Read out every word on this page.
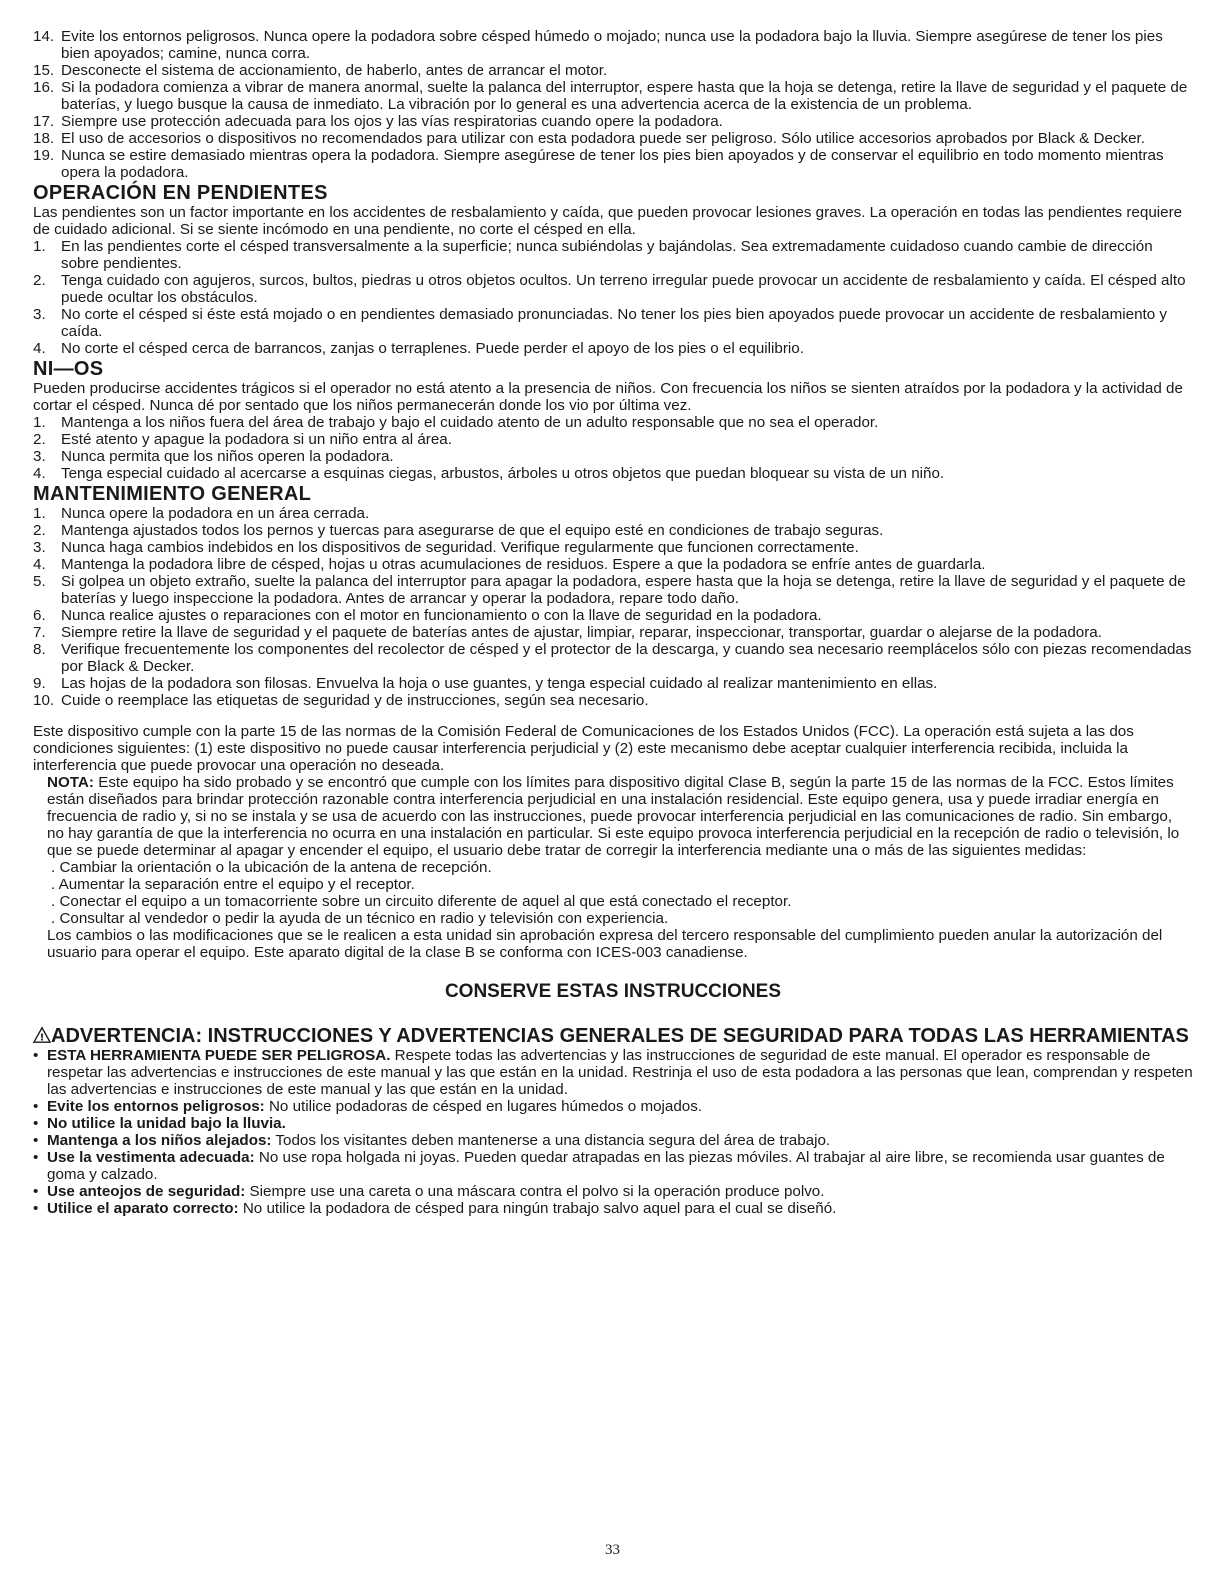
14. Evite los entornos peligrosos. Nunca opere la podadora sobre césped húmedo o mojado; nunca use la podadora bajo la lluvia. Siempre asegúrese de tener los pies bien apoyados; camine, nunca corra.
15. Desconecte el sistema de accionamiento, de haberlo, antes de arrancar el motor.
16. Si la podadora comienza a vibrar de manera anormal, suelte la palanca del interruptor, espere hasta que la hoja se detenga, retire la llave de seguridad y el paquete de baterías, y luego busque la causa de inmediato. La vibración por lo general es una advertencia acerca de la existencia de un problema.
17. Siempre use protección adecuada para los ojos y las vías respiratorias cuando opere la podadora.
18. El uso de accesorios o dispositivos no recomendados para utilizar con esta podadora puede ser peligroso. Sólo utilice accesorios aprobados por Black & Decker.
19. Nunca se estire demasiado mientras opera la podadora. Siempre asegúrese de tener los pies bien apoyados y de conservar el equilibrio en todo momento mientras opera la podadora.
OPERACIÓN EN PENDIENTES

Las pendientes son un factor importante en los accidentes de resbalamiento y caída, que pueden provocar lesiones graves. La operación en todas las pendientes requiere de cuidado adicional. Si se siente incómodo en una pendiente, no corte el césped en ella.

1.	En las pendientes corte el césped transversalmente a la superficie; nunca subiéndolas y bajándolas. Sea extremadamente cuidadoso cuando cambie de dirección sobre pendientes.
2.	Tenga cuidado con agujeros, surcos, bultos, piedras u otros objetos ocultos. Un terreno irregular puede provocar un accidente de resbalamiento y caída. El césped alto puede ocultar los obstáculos.
3.	No corte el césped si éste está mojado o en pendientes demasiado pronunciadas. No tener los pies bien apoyados puede provocar un accidente de resbalamiento y caída.
4.	No corte el césped cerca de barrancos, zanjas o terraplenes. Puede perder el apoyo de los pies o el equilibrio.
NI—OS

Pueden producirse accidentes trágicos si el operador no está atento a la presencia de niños. Con frecuencia los niños se sienten atraídos por la podadora y la actividad de cortar el césped. Nunca dé por sentado que los niños permanecerán donde los vio por última vez.

1.	Mantenga a los niños fuera del área de trabajo y bajo el cuidado atento de un adulto responsable que no sea el operador.
2.	Esté atento y apague la podadora si un niño entra al área.
3.	Nunca permita que los niños operen la podadora.
4.	Tenga especial cuidado al acercarse a esquinas ciegas, arbustos, árboles u otros objetos que puedan bloquear su vista de un niño.
MANTENIMIENTO GENERAL
1.	Nunca opere la podadora en un área cerrada.
2.	Mantenga ajustados todos los pernos y tuercas para asegurarse de que el equipo esté en condiciones de trabajo seguras.
3.	Nunca haga cambios indebidos en los dispositivos de seguridad. Verifique regularmente que funcionen correctamente.
4.	Mantenga la podadora libre de césped, hojas u otras acumulaciones de residuos. Espere a que la podadora se enfríe antes de guardarla.
5.	Si golpea un objeto extraño, suelte la palanca del interruptor para apagar la podadora, espere hasta que la hoja se detenga, retire la llave de seguridad y el paquete de baterías y luego inspeccione la podadora. Antes de arrancar y operar la podadora, repare todo daño.
6.	Nunca realice ajustes o reparaciones con el motor en funcionamiento o con la llave de seguridad en la podadora.
7.	Siempre retire la llave de seguridad y el paquete de baterías antes de ajustar, limpiar, reparar, inspeccionar, transportar, guardar o alejarse de la podadora.
8.	Verifique frecuentemente los componentes del recolector de césped y el protector de la descarga, y cuando sea necesario reemplácelos sólo con piezas recomendadas por Black & Decker.
9.	Las hojas de la podadora son filosas. Envuelva la hoja o use guantes, y tenga especial cuidado al realizar mantenimiento en ellas.
10. Cuide o reemplace las etiquetas de seguridad y de instrucciones, según sea necesario.

Este dispositivo cumple con la parte 15 de las normas de la Comisión Federal de Comunicaciones de los Estados Unidos (FCC). La operación está sujeta a las dos condiciones siguientes: (1) este dispositivo no puede causar interferencia perjudicial y (2) este mecanismo debe aceptar cualquier interferencia recibida, incluida la interferencia que puede provocar una operación no deseada.

NOTA: Este equipo ha sido probado y se encontró que cumple con los límites para dispositivo digital Clase B, según la parte 15 de las normas de la FCC. Estos límites están diseñados para brindar protección razonable contra interferencia perjudicial en una instalación residencial. Este equipo genera, usa y puede irradiar energía en frecuencia de radio y, si no se instala y se usa de acuerdo con las instrucciones, puede provocar interferencia perjudicial en las comunicaciones de radio. Sin embargo, no hay garantía de que la interferencia no ocurra en una instalación en particular. Si este equipo provoca interferencia perjudicial en la recepción de radio o televisión, lo que se puede determinar al apagar y encender el equipo, el usuario debe tratar de corregir la interferencia mediante una o más de las siguientes medidas:

. Cambiar la orientación o la ubicación de la antena de recepción.
. Aumentar la separación entre el equipo y el receptor.
. Conectar el equipo a un tomacorriente sobre un circuito diferente de aquel al que está conectado el receptor.
. Consultar al vendedor o pedir la ayuda de un técnico en radio y televisión con experiencia.

Los cambios o las modificaciones que se le realicen a esta unidad sin aprobación expresa del tercero responsable del cumplimiento pueden anular la autorización del usuario para operar el equipo. Este aparato digital de la clase B se conforma con ICES-003 canadiense.

CONSERVE ESTAS INSTRUCCIONES
! ADVERTENCIA: INSTRUCCIONES Y ADVERTENCIAS GENERALES DE SEGURIDAD PARA TODAS LAS HERRAMIENTAS
• ESTA HERRAMIENTA PUEDE SER PELIGROSA. Respete todas las advertencias y las instrucciones de seguridad de este manual. El operador es responsable de respetar las advertencias e instrucciones de este manual y las que están en la unidad. Restrinja el uso de esta podadora a las personas que lean, comprendan y respeten las advertencias e instrucciones de este manual y las que están en la unidad.
• Evite los entornos peligrosos: No utilice podadoras de césped en lugares húmedos o mojados.
• No utilice la unidad bajo la lluvia.
• Mantenga a los niños alejados: Todos los visitantes deben mantenerse a una distancia segura del área de trabajo.
• Use la vestimenta adecuada: No use ropa holgada ni joyas. Pueden quedar atrapadas en las piezas móviles. Al trabajar al aire libre, se recomienda usar guantes de goma y calzado.
• Use anteojos de seguridad: Siempre use una careta o una máscara contra el polvo si la operación produce polvo.
• Utilice el aparato correcto: No utilice la podadora de césped para ningún trabajo salvo aquel para el cual se diseñó.
33
